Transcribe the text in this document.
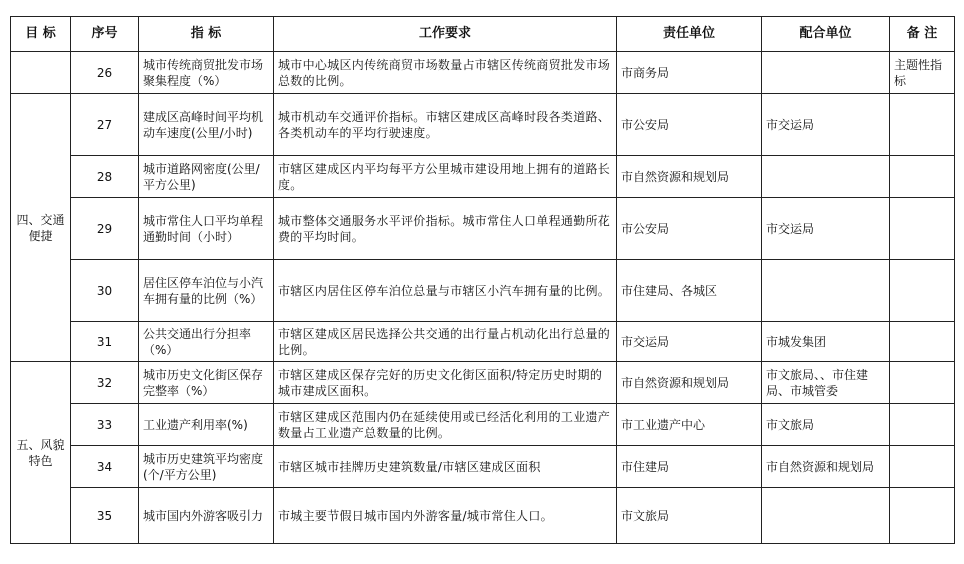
目 标	序号	指 标	工作要求	责任单位	配合单位	备 注
	26	城市传统商贸批发市场聚集程度（%）	城市中心城区内传统商贸市场数量占市辖区传统商贸批发市场总数的比例。	市商务局		主题性指标
四、交通便捷	27	建成区高峰时间平均机动车速度(公里/小时)	城市机动车交通评价指标。市辖区建成区高峰时段各类道路、各类机动车的平均行驶速度。	市公安局	市交运局	
	28	城市道路网密度(公里/平方公里)	市辖区建成区内平均每平方公里城市建设用地上拥有的道路长度。	市自然资源和规划局		
	29	城市常住人口平均单程通勤时间（小时）	城市整体交通服务水平评价指标。城市常住人口单程通勤所花费的平均时间。	市公安局	市交运局	
	30	居住区停车泊位与小汽车拥有量的比例（%）	市辖区内居住区停车泊位总量与市辖区小汽车拥有量的比例。	市住建局、各城区		
	31	公共交通出行分担率（%）	市辖区建成区居民选择公共交通的出行量占机动化出行总量的比例。	市交运局	市城发集团	
五、风貌特色	32	城市历史文化街区保存完整率（%）	市辖区建成区保存完好的历史文化街区面积/特定历史时期的城市建成区面积。	市自然资源和规划局	市文旅局、、市住建局、市城管委	
	33	工业遗产利用率(%)	市辖区建成区范围内仍在延续使用或已经活化利用的工业遗产数量占工业遗产总数量的比例。	市工业遗产中心	市文旅局	
	34	城市历史建筑平均密度(个/平方公里)	市辖区城市挂牌历史建筑数量/市辖区建成区面积	市住建局	市自然资源和规划局	
	35	城市国内外游客吸引力	市城主要节假日城市国内外游客量/城市常住人口。	市文旅局		
